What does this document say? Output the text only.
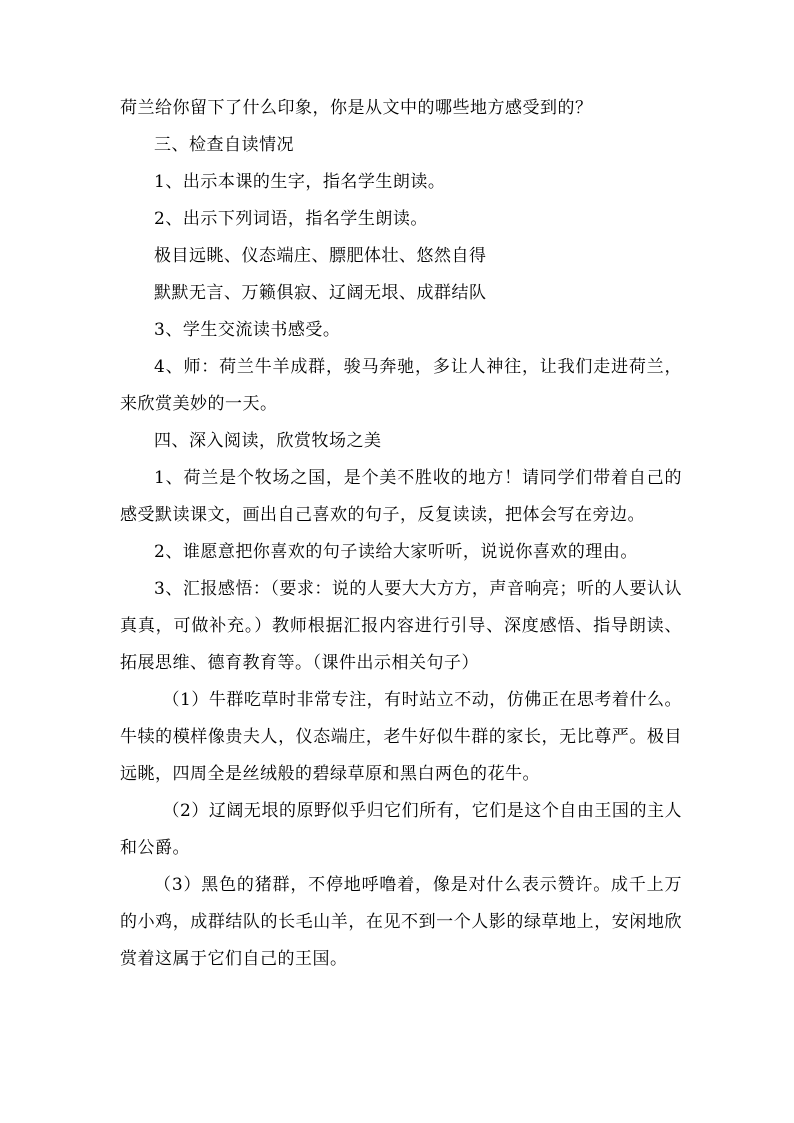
荷兰给你留下了什么印象，你是从文中的哪些地方感受到的？

三、检查自读情况

1、出示本课的生字，指名学生朗读。

2、出示下列词语，指名学生朗读。

极目远眺、仪态端庄、膘肥体壮、悠然自得

默默无言、万籁俱寂、辽阔无垠、成群结队

3、学生交流读书感受。

4、师：荷兰牛羊成群，骏马奔驰，多让人神往，让我们走进荷兰，来欣赏美妙的一天。

四、深入阅读，欣赏牧场之美

1、荷兰是个牧场之国，是个美不胜收的地方！请同学们带着自己的感受默读课文，画出自己喜欢的句子，反复读读，把体会写在旁边。

2、谁愿意把你喜欢的句子读给大家听听，说说你喜欢的理由。

3、汇报感悟：（要求：说的人要大大方方，声音响亮；听的人要认认真真，可做补充。）教师根据汇报内容进行引导、深度感悟、指导朗读、拓展思维、德育教育等。（课件出示相关句子）

（1）牛群吃草时非常专注，有时站立不动，仿佛正在思考着什么。牛犊的模样像贵夫人，仪态端庄，老牛好似牛群的家长，无比尊严。极目远眺，四周全是丝绒般的碧绿草原和黑白两色的花牛。

（2）辽阔无垠的原野似乎归它们所有，它们是这个自由王国的主人和公爵。

（3）黑色的猪群，不停地呼噜着，像是对什么表示赞许。成千上万的小鸡，成群结队的长毛山羊，在见不到一个人影的绿草地上，安闲地欣赏着这属于它们自己的王国。
